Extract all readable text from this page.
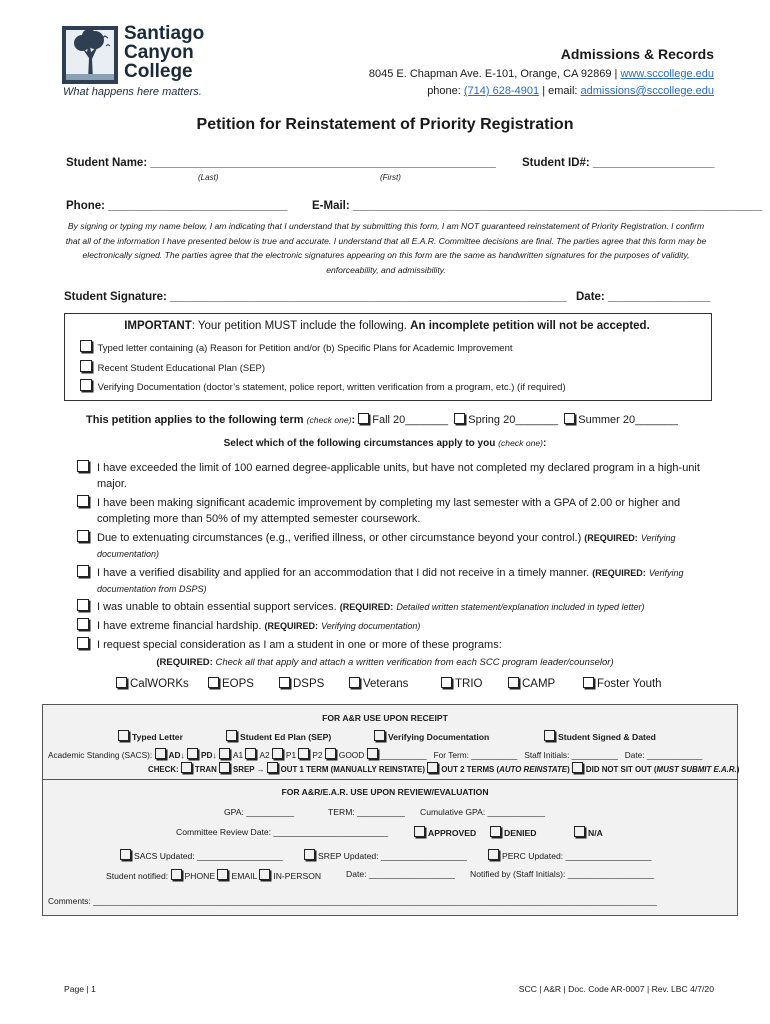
Santiago
Canyon
College
What happens here matters.
Admissions & Records
8045 E. Chapman Ave. E-101, Orange, CA 92869 | www.sccollege.edu
phone: (714) 628-4901 | email: admissions@sccollege.edu
Petition for Reinstatement of Priority Registration
Student Name: ______________________________________________________ Student ID#: ___________________
(Last)	(First)
Phone: ____________________________ E-Mail: ________________________________________________________________
By signing or typing my name below, I am indicating that I understand that by submitting this form, I am NOT guaranteed reinstatement of Priority Registration. I confirm that all of the information I have presented below is true and accurate. I understand that all E.A.R. Committee decisions are final. The parties agree that this form may be electronically signed. The parties agree that the electronic signatures appearing on this form are the same as handwritten signatures for the purposes of validity, enforceability, and admissibility.
Student Signature: ______________________________________________________________ Date: ________________
IMPORTANT: Your petition MUST include the following. An incomplete petition will not be accepted.
Typed letter containing (a) Reason for Petition and/or (b) Specific Plans for Academic Improvement
Recent Student Educational Plan (SEP)
Verifying Documentation (doctor’s statement, police report, written verification from a program, etc.) (if required)
This petition applies to the following term (check one): Fall 20_______ Spring 20_______ Summer 20_______
Select which of the following circumstances apply to you (check one):
I have exceeded the limit of 100 earned degree-applicable units, but have not completed my declared program in a high-unit major.
I have been making significant academic improvement by completing my last semester with a GPA of 2.00 or higher and completing more than 50% of my attempted semester coursework.
Due to extenuating circumstances (e.g., verified illness, or other circumstance beyond your control.) (REQUIRED: Verifying documentation)
I have a verified disability and applied for an accommodation that I did not receive in a timely manner. (REQUIRED: Verifying documentation from DSPS)
I was unable to obtain essential support services. (REQUIRED: Detailed written statement/explanation included in typed letter)
I have extreme financial hardship. (REQUIRED: Verifying documentation)
I request special consideration as I am a student in one or more of these programs:
(REQUIRED: Check all that apply and attach a written verification from each SCC program leader/counselor)
CalWORKs	EOPS	DSPS	Veterans	TRIO	CAMP	Foster Youth
FOR A&R USE UPON RECEIPT
Typed Letter	Student Ed Plan (SEP)	Verifying Documentation	Student Signed & Dated
Academic Standing (SACS): AD↓ PD↓ A1 A2 P1 P2 GOOD __________ For Term: __________ Staff Initials: __________ Date: ____________
CHECK: TRAN SREP → OUT 1 TERM (MANUALLY REINSTATE) OUT 2 TERMS (AUTO REINSTATE) DID NOT SIT OUT (MUST SUBMIT E.A.R.)
FOR A&R/E.A.R. USE UPON REVIEW/EVALUATION
GPA: __________	TERM: __________ Cumulative GPA: ____________
Committee Review Date: ________________________	APPROVED	DENIED	N/A
SACS Updated: __________________	SREP Updated: __________________	PERC Updated: __________________
Student notified: PHONE EMAIL IN-PERSON	Date: __________________ Notified by (Staff Initials): __________________
Comments: _________________________________________________________________________________________________________________________
Page | 1	SCC | A&R | Doc. Code AR-0007 | Rev. LBC 4/7/20
